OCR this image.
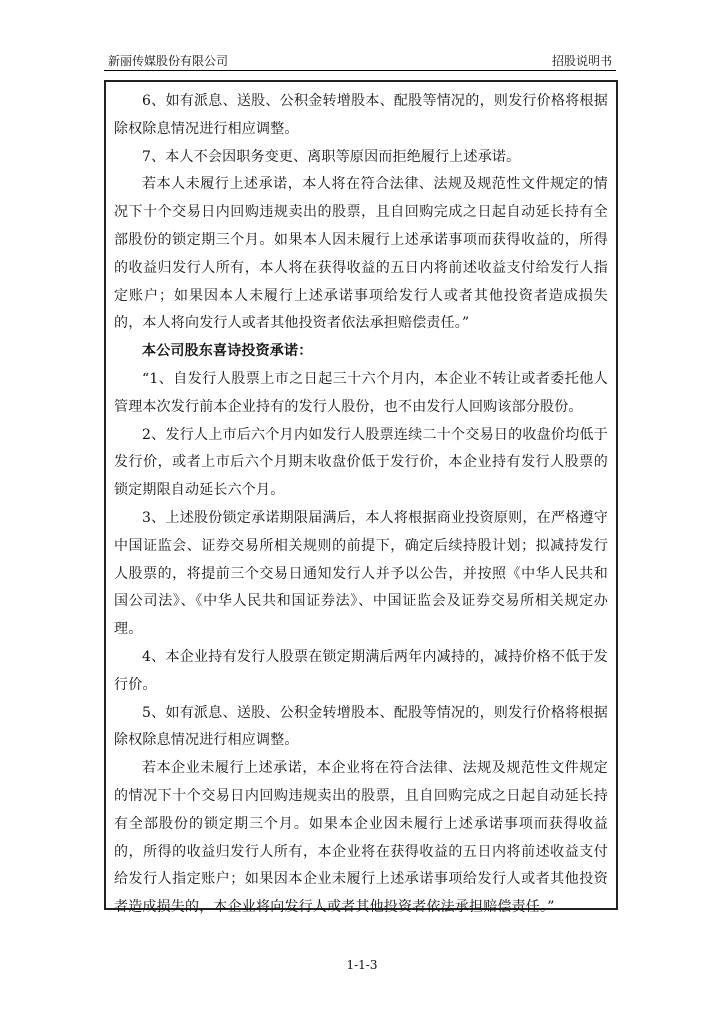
新丽传媒股份有限公司	招股说明书

6、如有派息、送股、公积金转增股本、配股等情况的，则发行价格将根据除权除息情况进行相应调整。

7、本人不会因职务变更、离职等原因而拒绝履行上述承诺。

若本人未履行上述承诺，本人将在符合法律、法规及规范性文件规定的情况下十个交易日内回购违规卖出的股票，且自回购完成之日起自动延长持有全部股份的锁定期三个月。如果本人因未履行上述承诺事项而获得收益的，所得的收益归发行人所有，本人将在获得收益的五日内将前述收益支付给发行人指定账户；如果因本人未履行上述承诺事项给发行人或者其他投资者造成损失的，本人将向发行人或者其他投资者依法承担赔偿责任。”

本公司股东喜诗投资承诺：

“1、自发行人股票上市之日起三十六个月内，本企业不转让或者委托他人管理本次发行前本企业持有的发行人股份，也不由发行人回购该部分股份。

2、发行人上市后六个月内如发行人股票连续二十个交易日的收盘价均低于发行价，或者上市后六个月期末收盘价低于发行价，本企业持有发行人股票的锁定期限自动延长六个月。

3、上述股份锁定承诺期限届满后，本人将根据商业投资原则，在严格遵守中国证监会、证券交易所相关规则的前提下，确定后续持股计划；拟减持发行人股票的，将提前三个交易日通知发行人并予以公告，并按照《中华人民共和国公司法》、《中华人民共和国证券法》、中国证监会及证券交易所相关规定办理。

4、本企业持有发行人股票在锁定期满后两年内减持的，减持价格不低于发行价。

5、如有派息、送股、公积金转增股本、配股等情况的，则发行价格将根据除权除息情况进行相应调整。

若本企业未履行上述承诺，本企业将在符合法律、法规及规范性文件规定的情况下十个交易日内回购违规卖出的股票，且自回购完成之日起自动延长持有全部股份的锁定期三个月。如果本企业因未履行上述承诺事项而获得收益的，所得的收益归发行人所有，本企业将在获得收益的五日内将前述收益支付给发行人指定账户；如果因本企业未履行上述承诺事项给发行人或者其他投资者造成损失的，本企业将向发行人或者其他投资者依法承担赔偿责任。”

1-1-3
